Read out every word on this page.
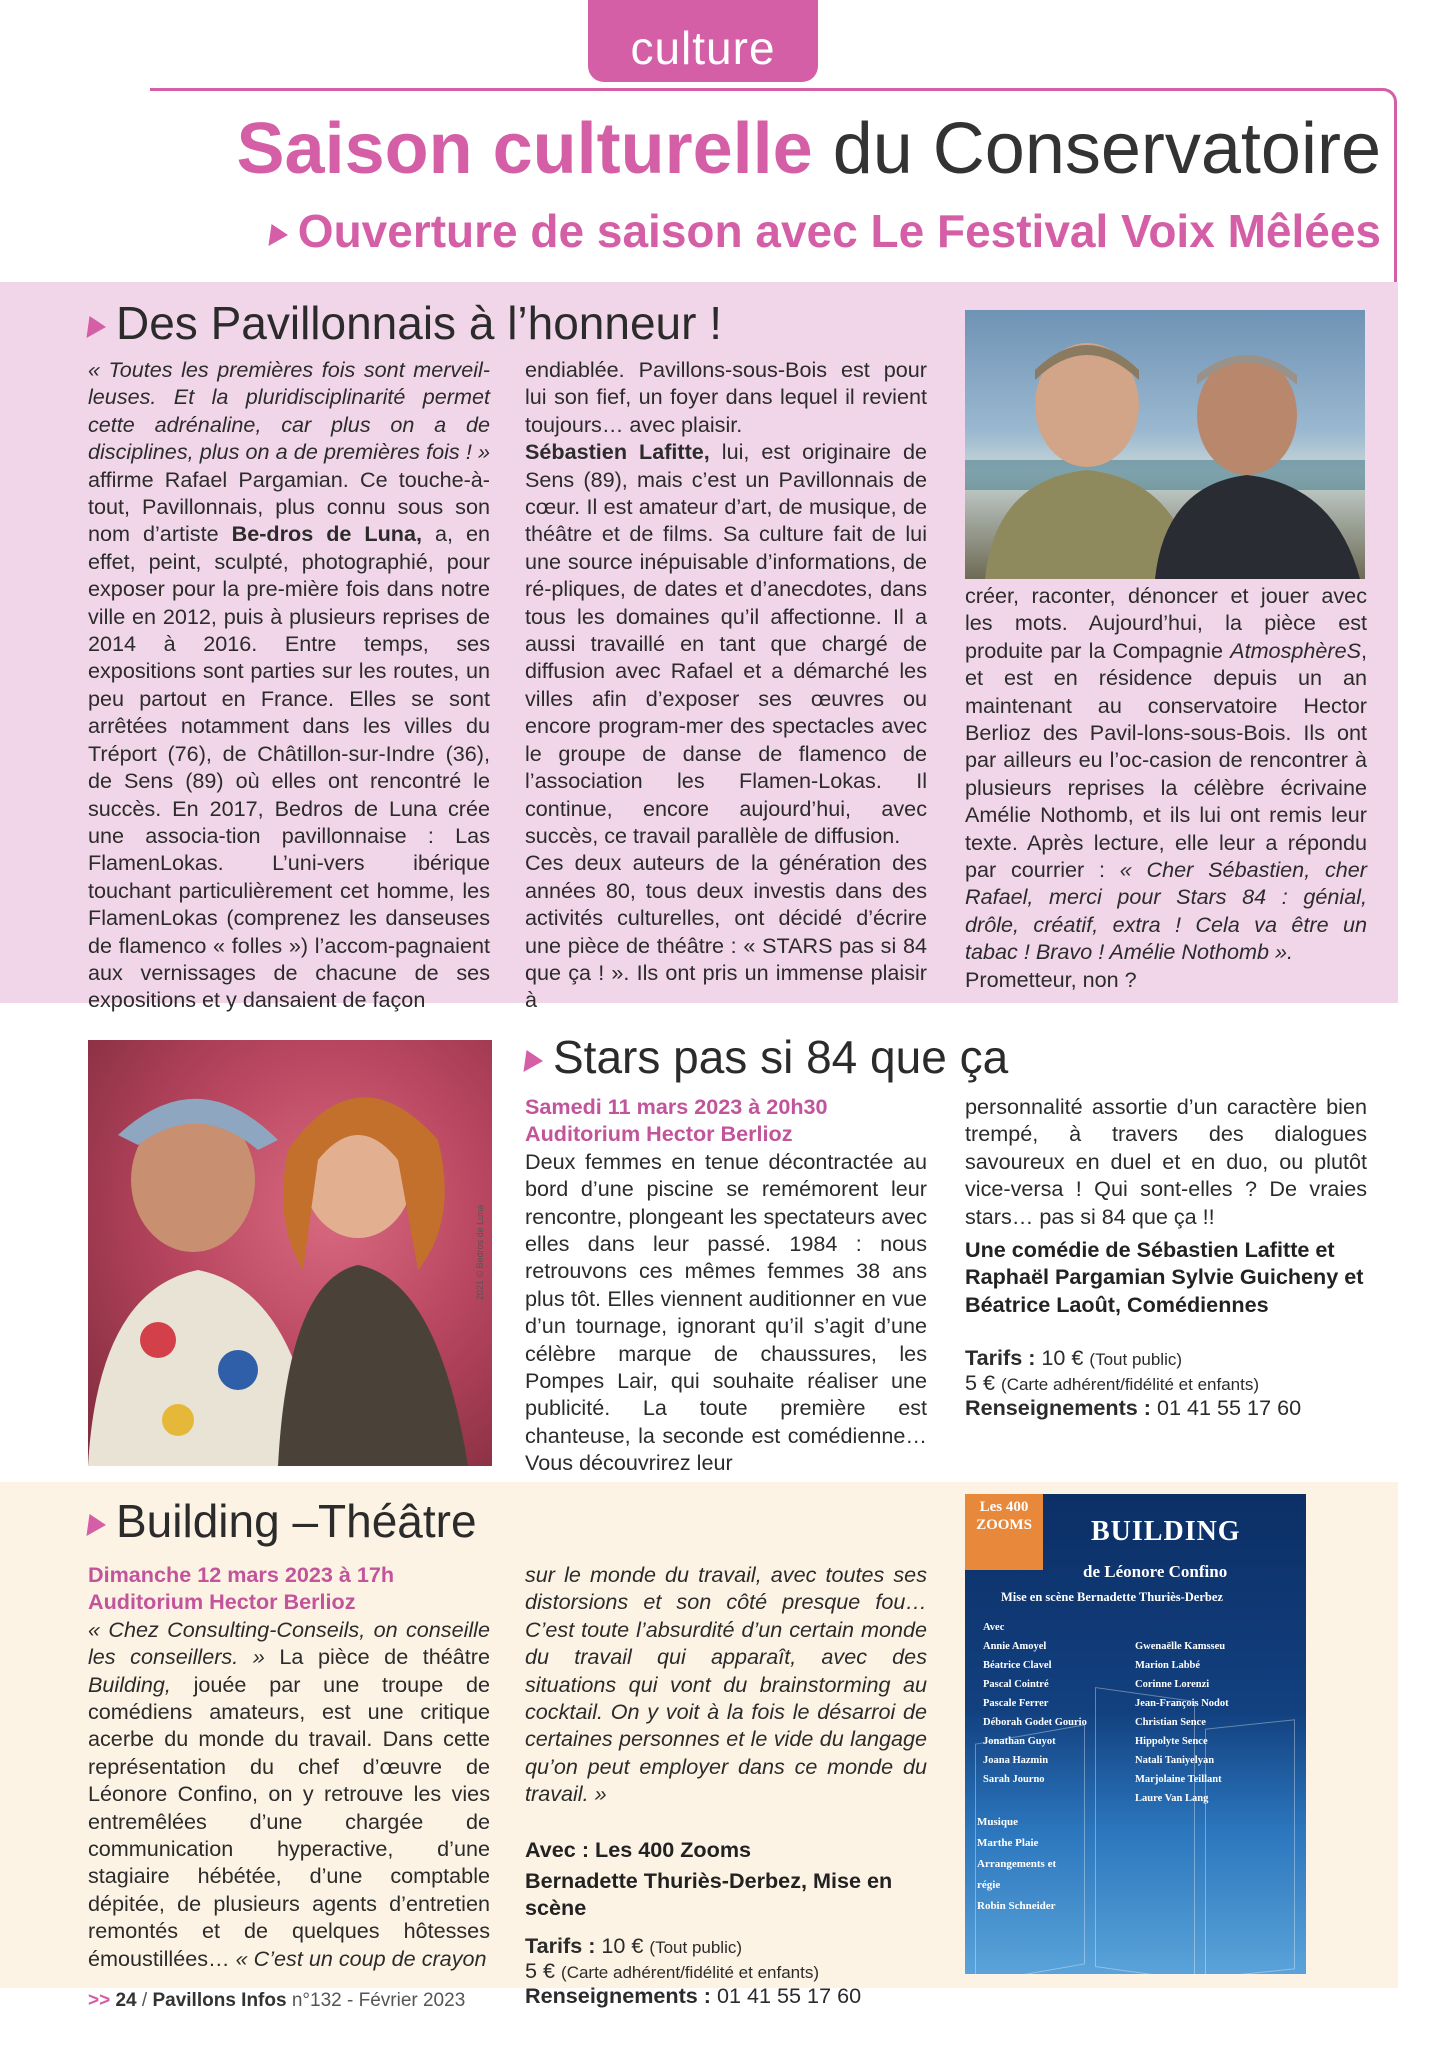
culture
Saison culturelle du Conservatoire
Ouverture de saison avec Le Festival Voix Mêlées
Des Pavillonnais à l’honneur !

« Toutes les premières fois sont merveil-leuses. Et la pluridisciplinarité permet cette adrénaline, car plus on a de disciplines, plus on a de premières fois ! » affirme Rafael Pargamian. Ce touche-à-tout, Pavillonnais, plus connu sous son nom d’artiste Be-dros de Luna, a, en effet, peint, sculpté, photographié, pour exposer pour la pre-mière fois dans notre ville en 2012, puis à plusieurs reprises de 2014 à 2016. Entre temps, ses expositions sont parties sur les routes, un peu partout en France. Elles se sont arrêtées notamment dans les villes du Tréport (76), de Châtillon-sur-Indre (36), de Sens (89) où elles ont rencontré le succès. En 2017, Bedros de Luna crée une associa-tion pavillonnaise : Las FlamenLokas. L’uni-vers ibérique touchant particulièrement cet homme, les FlamenLokas (comprenez les danseuses de flamenco « folles ») l’accom-pagnaient aux vernissages de chacune de ses expositions et y dansaient de façon

endiablée. Pavillons-sous-Bois est pour lui son fief, un foyer dans lequel il revient toujours… avec plaisir.

Sébastien Lafitte, lui, est originaire de Sens (89), mais c’est un Pavillonnais de cœur. Il est amateur d’art, de musique, de théâtre et de films. Sa culture fait de lui une source inépuisable d’informations, de ré-pliques, de dates et d’anecdotes, dans tous les domaines qu’il affectionne. Il a aussi travaillé en tant que chargé de diffusion avec Rafael et a démarché les villes afin d’exposer ses œuvres ou encore program-mer des spectacles avec le groupe de danse de flamenco de l’association les Flamen-Lokas. Il continue, encore aujourd’hui, avec succès, ce travail parallèle de diffusion.

Ces deux auteurs de la génération des années 80, tous deux investis dans des activités culturelles, ont décidé d’écrire une pièce de théâtre : « STARS pas si 84 que ça ! ». Ils ont pris un immense plaisir à

créer, raconter, dénoncer et jouer avec les mots. Aujourd’hui, la pièce est produite par la Compagnie AtmosphèreS, et est en résidence depuis un an maintenant au conservatoire Hector Berlioz des Pavil-lons-sous-Bois. Ils ont par ailleurs eu l’oc-casion de rencontrer à plusieurs reprises la célèbre écrivaine Amélie Nothomb, et ils lui ont remis leur texte. Après lecture, elle leur a répondu par courrier : « Cher Sébastien, cher Rafael, merci pour Stars 84 : génial, drôle, créatif, extra ! Cela va être un tabac ! Bravo ! Amélie Nothomb ».

Prometteur, non ?

2021 © Bedros de Luna
Stars pas si 84 que ça

Samedi 11 mars 2023 à 20h30

Auditorium Hector Berlioz

Deux femmes en tenue décontractée au bord d’une piscine se remémorent leur rencontre, plongeant les spectateurs avec elles dans leur passé. 1984 : nous retrouvons ces mêmes femmes 38 ans plus tôt. Elles viennent auditionner en vue d’un tournage, ignorant qu’il s’agit d’une célèbre marque de chaussures, les Pompes Lair, qui souhaite réaliser une publicité. La toute première est chanteuse, la seconde est comédienne… Vous découvrirez leur

personnalité assortie d’un caractère bien trempé, à travers des dialogues savoureux en duel et en duo, ou plutôt vice-versa ! Qui sont-elles ? De vraies stars… pas si 84 que ça !!

Une comédie de Sébastien Lafitte et Raphaël Pargamian Sylvie Guicheny et Béatrice Laoût, Comédiennes

Tarifs : 10 € (Tout public)
5 € (Carte adhérent/fidélité et enfants)
Renseignements : 01 41 55 17 60

Building –Théâtre

Dimanche 12 mars 2023 à 17h

Auditorium Hector Berlioz

« Chez Consulting-Conseils, on conseille les conseillers. » La pièce de théâtre Building, jouée par une troupe de comédiens amateurs, est une critique acerbe du monde du travail. Dans cette représentation du chef d’œuvre de Léonore Confino, on y retrouve les vies entremêlées d’une chargée de communication hyperactive, d’une stagiaire hébétée, d’une comptable dépitée, de plusieurs agents d’entretien remontés et de quelques hôtesses émoustillées… « C’est un coup de crayon

sur le monde du travail, avec toutes ses distorsions et son côté presque fou… C’est toute l’absurdité d’un certain monde du travail qui apparaît, avec des situations qui vont du brainstorming au cocktail. On y voit à la fois le désarroi de certaines personnes et le vide du langage qu’on peut employer dans ce monde du travail. »

Avec : Les 400 Zooms

Bernadette Thuriès-Derbez, Mise en scène

Tarifs : 10 € (Tout public)
5 € (Carte adhérent/fidélité et enfants)
Renseignements : 01 41 55 17 60

Les 400 ZOOMS	BUILDING
de Léonore Confino
Mise en scène Bernadette Thuriès-Derbez
Avec
Annie Amoyel
Béatrice Clavel
Pascal Cointré
Pascale Ferrer
Déborah Godet Gourio
Jonathan Guyot
Joana Hazmin
Sarah Journo
Gwenaëlle Kamsseu
Marion Labbé
Corinne Lorenzi
Jean-François Nodot
Christian Sence
Hippolyte Sence
Natali Taniyelyan
Marjolaine Teillant
Laure Van Lang
Musique
Marthe Plaie
Arrangements et
régie
Robin Schneider
>> 24 / Pavillons Infos n°132 - Février 2023
